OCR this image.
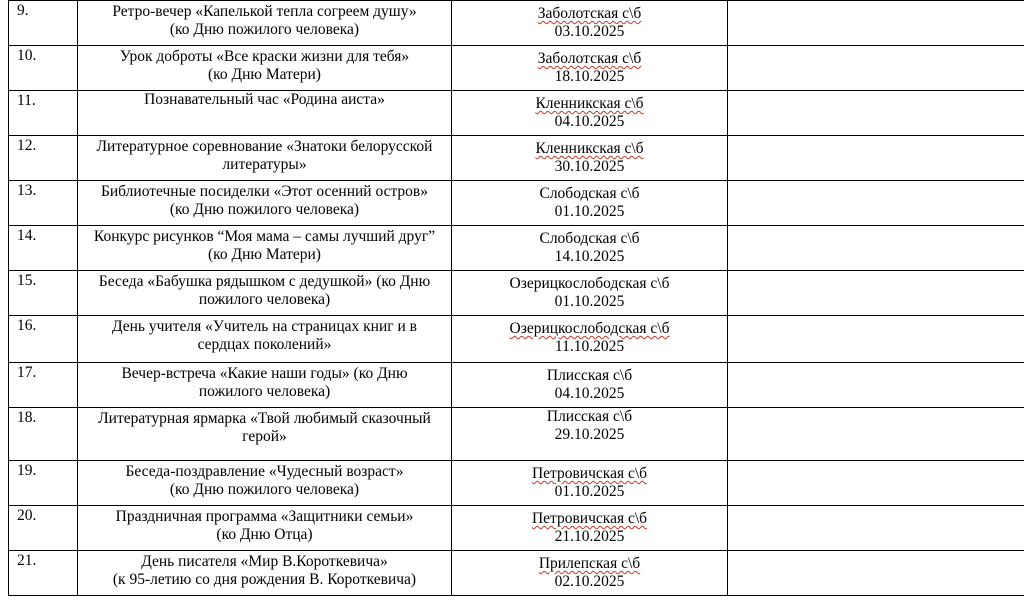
9.	Ретро-вечер «Капелькой тепла согреем душу»
(ко Дню пожилого человека)	Заболотская с\б
03.10.2025	

10.	Урок доброты «Все краски жизни для тебя»
(ко Дню Матери)	Заболотская с\б
18.10.2025	

11.	Познавательный час «Родина аиста»	Кленникская с\б
04.10.2025	

12.	Литературное соревнование «Знатоки белорусской
литературы»	Кленникская с\б
30.10.2025	

13.	Библиотечные посиделки «Этот осенний остров»
(ко Дню пожилого человека)	Слободская с\б
01.10.2025	

14.	Конкурс рисунков “Моя мама – самы лучший друг”
(ко Дню Матери)	Слободская с\б
14.10.2025	

15.	Беседа «Бабушка рядышком с дедушкой» (ко Дню
пожилого человека)	Озерицкослободская с\б
01.10.2025	

16.	День учителя «Учитель на страницах книг и в
сердцах поколений»	Озерицкослободская с\б
11.10.2025	

17.	Вечер-встреча «Какие наши годы» (ко Дню
пожилого человека)	Плисская с\б
04.10.2025	

18.	Литературная ярмарка «Твой любимый сказочный
герой»	Плисская с\б
29.10.2025	

19.	Беседа-поздравление «Чудесный возраст»
(ко Дню пожилого человека)	Петровичская с\б
01.10.2025	

20.	Праздничная программа «Защитники семьи»
(ко Дню Отца)	Петровичская с\б
21.10.2025	

21.	День писателя «Мир В.Короткевича»
(к 95-летию со дня рождения В. Короткевича)	Прилепская с\б
02.10.2025	
